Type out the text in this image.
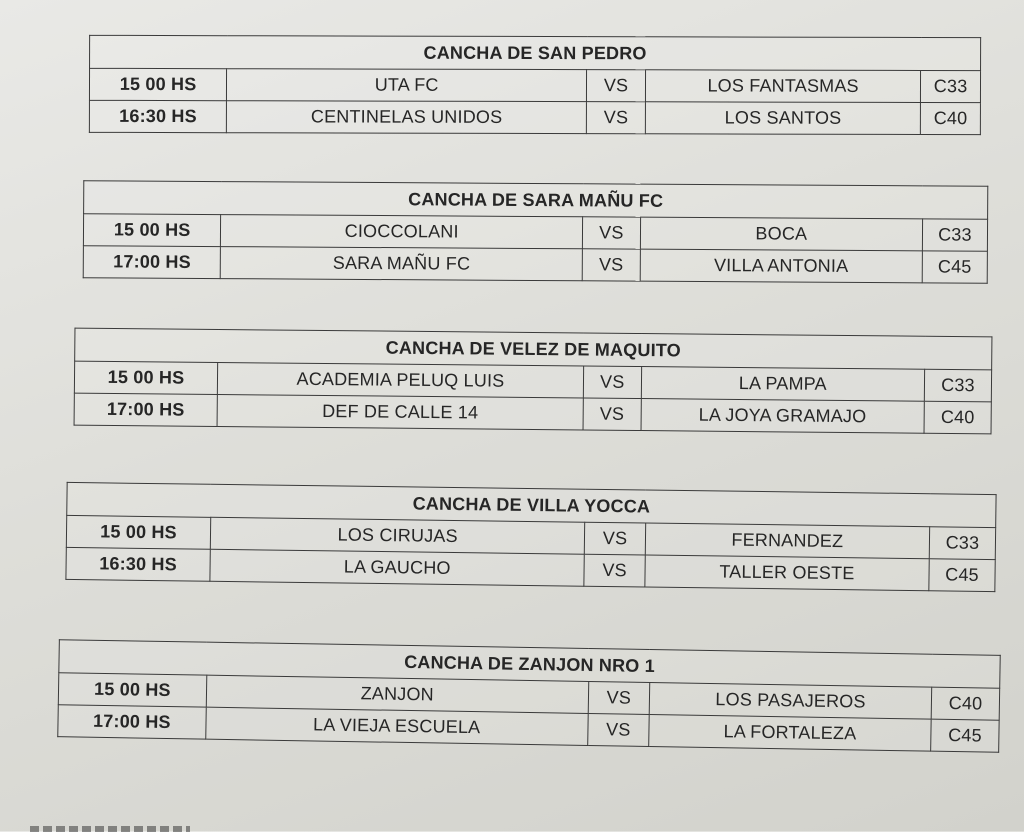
CANCHA DE SAN PEDRO				
15 00 HS	UTA FC	VS	LOS FANTASMAS	C33
16:30 HS	CENTINELAS UNIDOS	VS	LOS SANTOS	C40
CANCHA DE SARA MAÑU FC				
15 00 HS	CIOCCOLANI	VS	BOCA	C33
17:00 HS	SARA MAÑU FC	VS	VILLA ANTONIA	C45
CANCHA DE VELEZ DE MAQUITO				
15 00 HS	ACADEMIA PELUQ LUIS	VS	LA PAMPA	C33
17:00 HS	DEF DE CALLE 14	VS	LA JOYA GRAMAJO	C40
CANCHA DE VILLA YOCCA				
15 00 HS	LOS CIRUJAS	VS	FERNANDEZ	C33
16:30 HS	LA GAUCHO	VS	TALLER OESTE	C45
CANCHA DE ZANJON NRO 1				
15 00 HS	ZANJON	VS	LOS PASAJEROS	C40
17:00 HS	LA VIEJA ESCUELA	VS	LA FORTALEZA	C45
